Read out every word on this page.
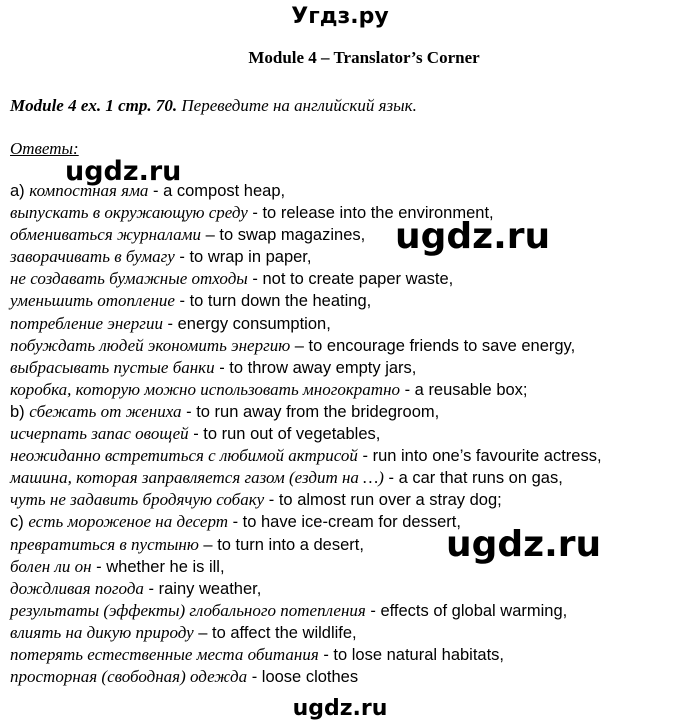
Угдз.ру
Module 4 – Translator’s Corner
Module 4 ex. 1 стр. 70. Переведите на английский язык.
Ответы:
a) компостная яма - a compost heap,
выпускать в окружающую среду - to release into the environment,
обмениваться журналами – to swap magazines,
заворачивать в бумагу - to wrap in paper,
не создавать бумажные отходы - not to create paper waste,
уменьшить отопление - to turn down the heating,
потребление энергии - energy consumption,
побуждать людей экономить энергию – to encourage friends to save energy,
выбрасывать пустые банки - to throw away empty jars,
коробка, которую можно использовать многократно - a reusable box;
b) сбежать от жениха - to run away from the bridegroom,
исчерпать запас овощей - to run out of vegetables,
неожиданно встретиться с любимой актрисой - run into one’s favourite actress,
машина, которая заправляется газом (ездит на …) - a car that runs on gas,
чуть не задавить бродячую собаку - to almost run over a stray dog;
c) есть мороженое на десерт - to have ice-cream for dessert,
превратиться в пустыню – to turn into a desert,
болен ли он - whether he is ill,
дождливая погода - rainy weather,
результаты (эффекты) глобального потепления - effects of global warming,
влиять на дикую природу – to affect the wildlife,
потерять естественные места обитания - to lose natural habitats,
просторная (свободная) одежда - loose clothes
ugdz.ru
ugdz.ru
ugdz.ru
ugdz.ru
